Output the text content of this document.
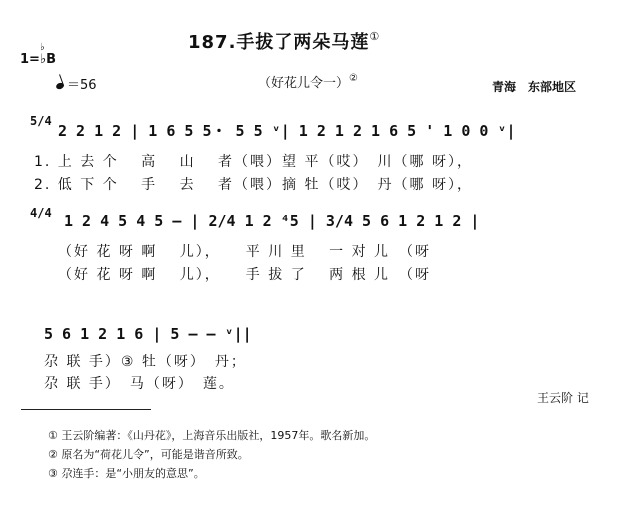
187.手拔了两朵马莲①
♭
1=♭B
＝56	（好花儿令一）②
青海　东部地区
5/4
2 2 1 2 | 1 6 5 5・ 5 5 ᵛ| 1 2 1 2 1 6 5 ' 1 0 0 ᵛ|
1. 上 去 个　 高　 山　 者（喂）望 平（哎）　川（哪 呀），
2. 低 下 个　 手　 去　 者（喂）摘 牡（哎）　丹（哪 呀），
4/4 1 2 4 5 4 5 – | 2/4 1 2 ⁴5 | 3/4 5 6 1 2 1 2 |
（好 花 呀 啊　 儿），　　平 川 里　 一 对 儿　（呀
（好 花 呀 啊　 儿），　　手 拔 了　 两 根 儿　（呀
5 6 1 2 1 6 | 5 – – ᵛ||
尕 联 手）③ 牡（呀）　丹；
尕 联 手）　马（呀）　莲。
王云阶 记
① 王云阶编著：《山丹花》，上海音乐出版社，1957年。歌名新加。
② 原名为“荷花儿令”，可能是谐音所致。
③ 尕连手：是“小朋友的意思”。
